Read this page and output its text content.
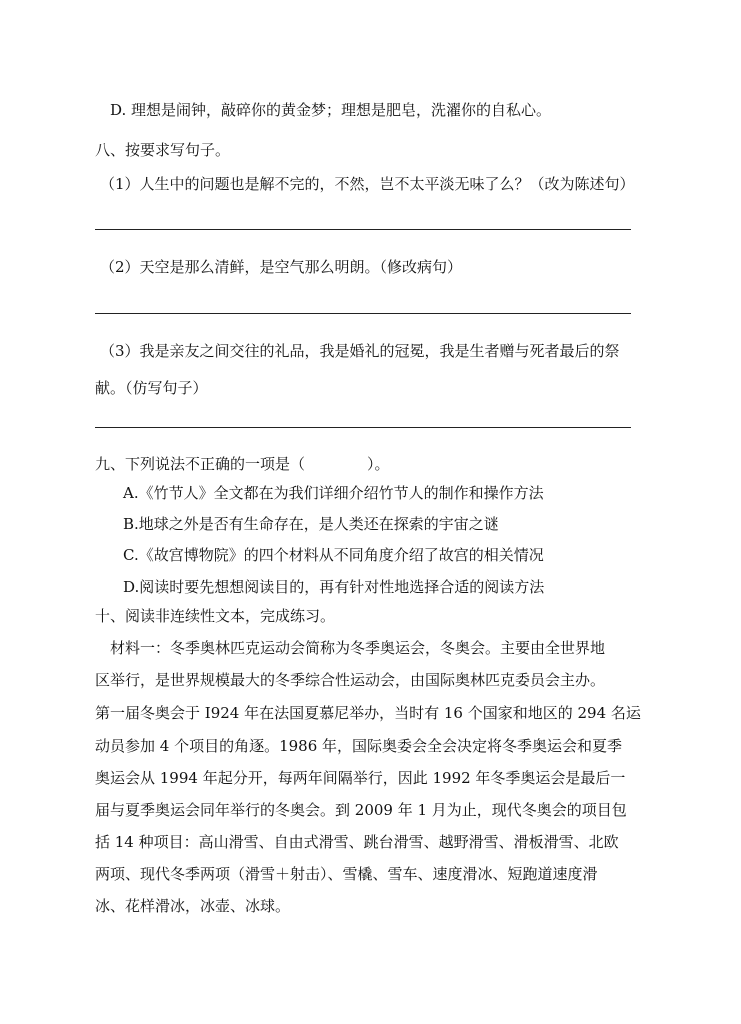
D. 理想是闹钟，敲碎你的黄金梦；理想是肥皂，洗濯你的自私心。
八、按要求写句子。
（1）人生中的问题也是解不完的，不然，岂不太平淡无味了么？（改为陈述句）
（2）天空是那么清鲜，是空气那么明朗。（修改病句）
（3）我是亲友之间交往的礼品，我是婚礼的冠冕，我是生者赠与死者最后的祭
献。（仿写句子）
九、下列说法不正确的一项是（	）。
A.《竹节人》全文都在为我们详细介绍竹节人的制作和操作方法
B.地球之外是否有生命存在，是人类还在探索的宇宙之谜
C.《故宫博物院》的四个材料从不同角度介绍了故宫的相关情况
D.阅读时要先想想阅读目的，再有针对性地选择合适的阅读方法
十、阅读非连续性文本，完成练习。
材料一：冬季奥林匹克运动会简称为冬季奥运会，冬奥会。主要由全世界地
区举行，是世界规模最大的冬季综合性运动会，由国际奥林匹克委员会主办。
第一届冬奥会于 I924 年在法国夏慕尼举办，当时有 16 个国家和地区的 294 名运
动员参加 4 个项目的角逐。1986 年，国际奥委会全会决定将冬季奥运会和夏季
奥运会从 1994 年起分开，每两年间隔举行，因此 1992 年冬季奥运会是最后一
届与夏季奥运会同年举行的冬奥会。到 2009 年 1 月为止，现代冬奥会的项目包
括 14 种项目：高山滑雪、自由式滑雪、跳台滑雪、越野滑雪、滑板滑雪、北欧
两项、现代冬季两项（滑雪＋射击）、雪橇、雪车、速度滑冰、短跑道速度滑
冰、花样滑冰，冰壶、冰球。
